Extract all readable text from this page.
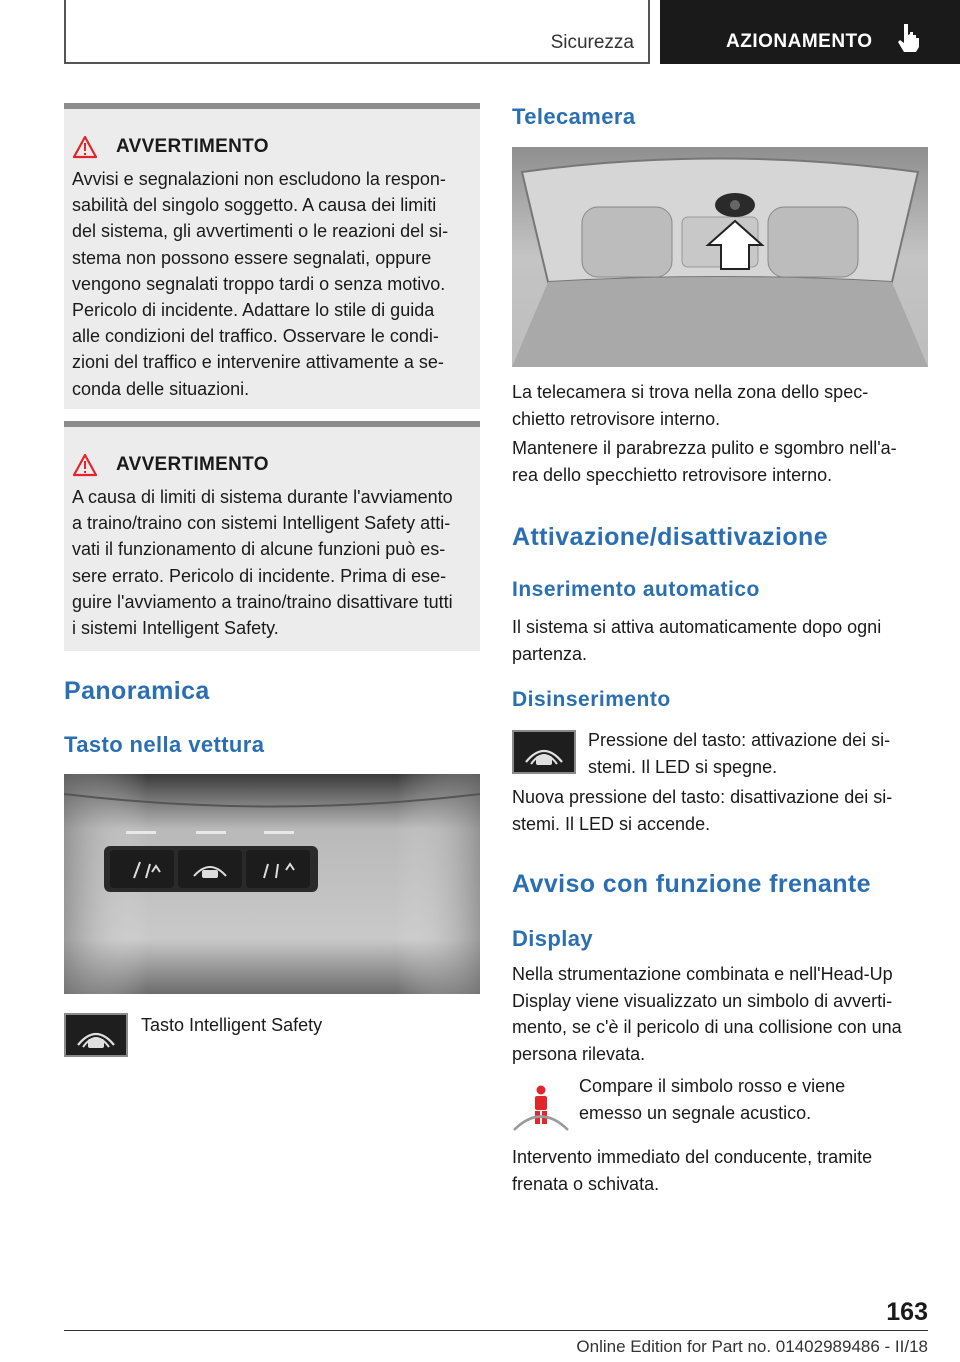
Sicurezza	AZIONAMENTO
AVVERTIMENTO
Avvisi e segnalazioni non escludono la respon-
sabilità del singolo soggetto. A causa dei limiti
del sistema, gli avvertimenti o le reazioni del si-
stema non possono essere segnalati, oppure
vengono segnalati troppo tardi o senza motivo.
Pericolo di incidente. Adattare lo stile di guida
alle condizioni del traffico. Osservare le condi-
zioni del traffico e intervenire attivamente a se-
conda delle situazioni.
AVVERTIMENTO
A causa di limiti di sistema durante l'avviamento
a traino/traino con sistemi Intelligent Safety atti-
vati il funzionamento di alcune funzioni può es-
sere errato. Pericolo di incidente. Prima di ese-
guire l'avviamento a traino/traino disattivare tutti
i sistemi Intelligent Safety.
Panoramica
Tasto nella vettura
Tasto Intelligent Safety
Telecamera
La telecamera si trova nella zona dello spec-
chietto retrovisore interno.
Mantenere il parabrezza pulito e sgombro nell'a-
rea dello specchietto retrovisore interno.
Attivazione/disattivazione
Inserimento automatico
Il sistema si attiva automaticamente dopo ogni
partenza.
Disinserimento
Pressione del tasto: attivazione dei si-
stemi. Il LED si spegne.
Nuova pressione del tasto: disattivazione dei si-
stemi. Il LED si accende.
Avviso con funzione frenante
Display
Nella strumentazione combinata e nell'Head-Up
Display viene visualizzato un simbolo di avverti-
mento, se c'è il pericolo di una collisione con una
persona rilevata.
Compare il simbolo rosso e viene
emesso un segnale acustico.
Intervento immediato del conducente, tramite
frenata o schivata.
163
Online Edition for Part no. 01402989486 - II/18
